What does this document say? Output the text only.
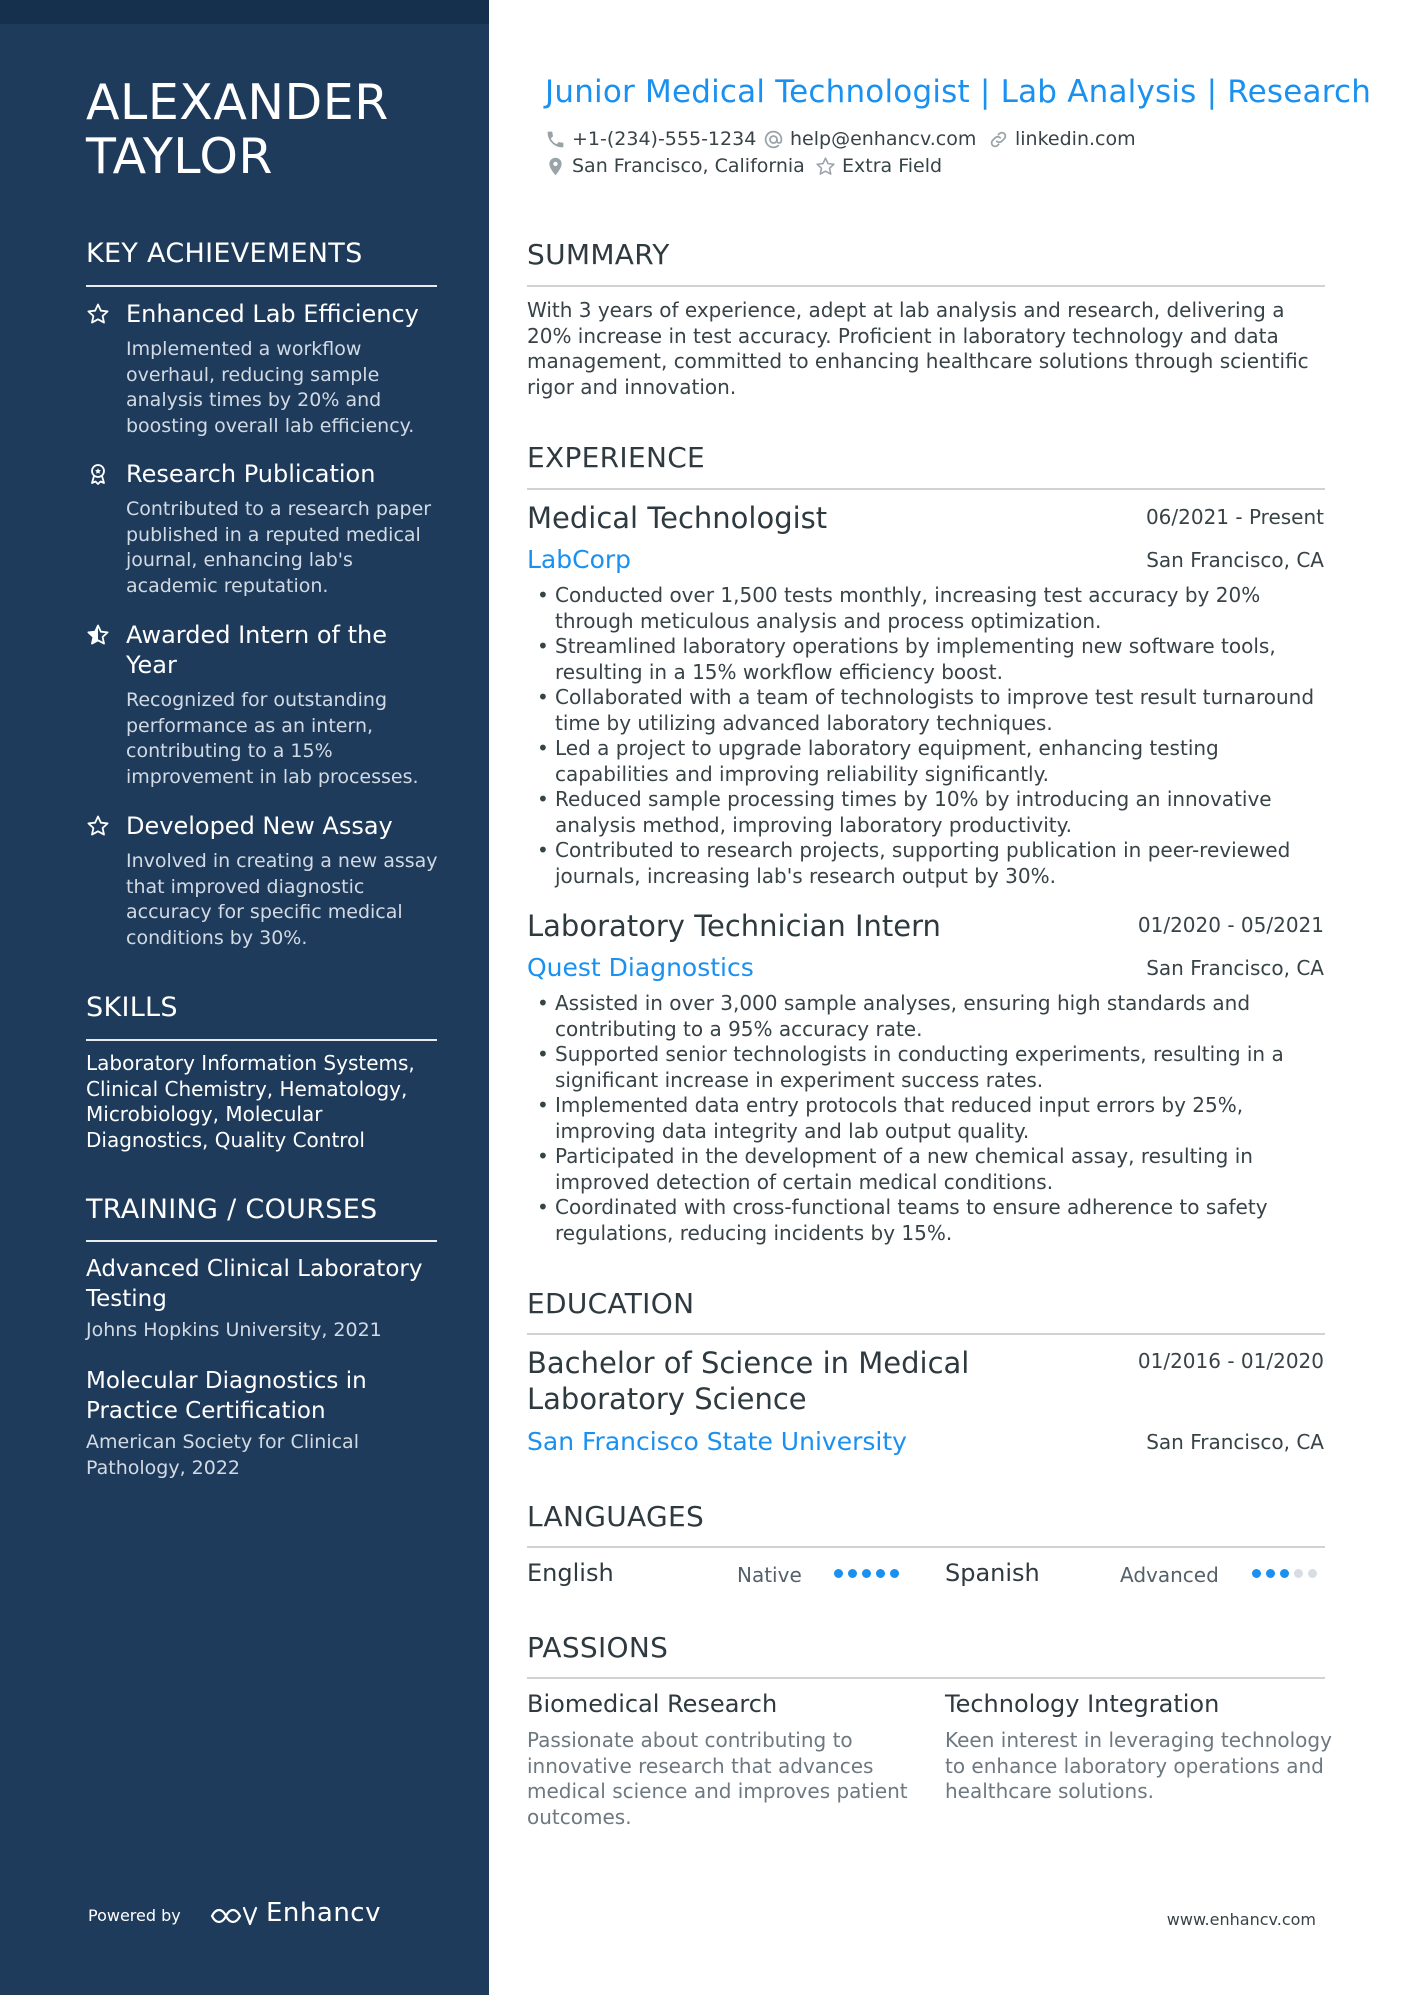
ALEXANDER
TAYLOR
KEY ACHIEVEMENTS
Enhanced Lab Efficiency
Implemented a workflow overhaul, reducing sample analysis times by 20% and boosting overall lab efficiency.
Research Publication
Contributed to a research paper published in a reputed medical journal, enhancing lab's academic reputation.
Awarded Intern of the Year
Recognized for outstanding performance as an intern, contributing to a 15% improvement in lab processes.
Developed New Assay
Involved in creating a new assay that improved diagnostic accuracy for specific medical conditions by 30%.
SKILLS
Laboratory Information Systems, Clinical Chemistry, Hematology, Microbiology, Molecular Diagnostics, Quality Control
TRAINING / COURSES
Advanced Clinical Laboratory Testing
Johns Hopkins University, 2021
Molecular Diagnostics in Practice Certification
American Society for Clinical Pathology, 2022
Powered by	Enhancv
Junior Medical Technologist | Lab Analysis | Research
+1-(234)-555-1234 help@enhancv.com linkedin.com
San Francisco, California Extra Field
SUMMARY
With 3 years of experience, adept at lab analysis and research, delivering a 20% increase in test accuracy. Proficient in laboratory technology and data management, committed to enhancing healthcare solutions through scientific rigor and innovation.
EXPERIENCE
Medical Technologist	06/2021 - Present
LabCorp	San Francisco, CA
• Conducted over 1,500 tests monthly, increasing test accuracy by 20% through meticulous analysis and process optimization.
• Streamlined laboratory operations by implementing new software tools, resulting in a 15% workflow efficiency boost.
• Collaborated with a team of technologists to improve test result turnaround time by utilizing advanced laboratory techniques.
• Led a project to upgrade laboratory equipment, enhancing testing capabilities and improving reliability significantly.
• Reduced sample processing times by 10% by introducing an innovative analysis method, improving laboratory productivity.
• Contributed to research projects, supporting publication in peer-reviewed journals, increasing lab's research output by 30%.
Laboratory Technician Intern	01/2020 - 05/2021
Quest Diagnostics	San Francisco, CA
• Assisted in over 3,000 sample analyses, ensuring high standards and contributing to a 95% accuracy rate.
• Supported senior technologists in conducting experiments, resulting in a significant increase in experiment success rates.
• Implemented data entry protocols that reduced input errors by 25%, improving data integrity and lab output quality.
• Participated in the development of a new chemical assay, resulting in improved detection of certain medical conditions.
• Coordinated with cross-functional teams to ensure adherence to safety regulations, reducing incidents by 15%.
EDUCATION
Bachelor of Science in Medical Laboratory Science
01/2016 - 01/2020
San Francisco State University	San Francisco, CA
LANGUAGES
English	Native	Spanish	Advanced
PASSIONS
Biomedical Research
Passionate about contributing to innovative research that advances medical science and improves patient outcomes.
Technology Integration
Keen interest in leveraging technology to enhance laboratory operations and healthcare solutions.
www.enhancv.com
